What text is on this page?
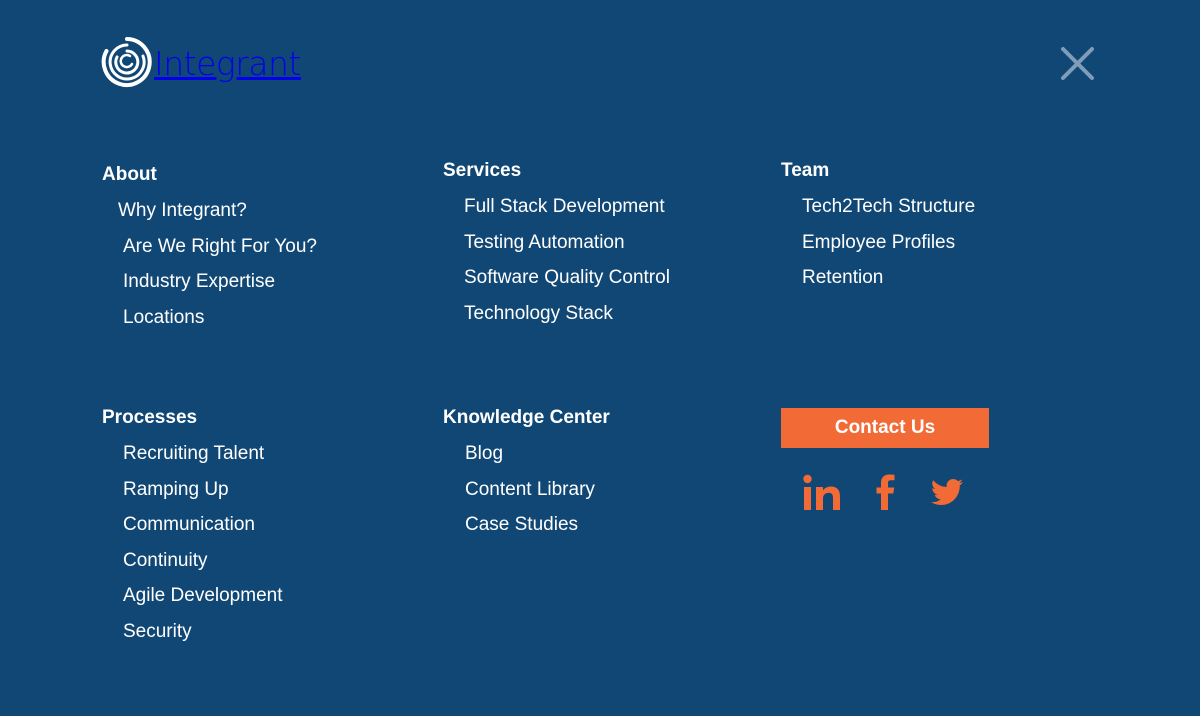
Integrant
About
Why Integrant?
Are We Right For You?
Industry Expertise
Locations
Services
Full Stack Development
Testing Automation
Software Quality Control
Technology Stack
Team
Tech2Tech Structure
Employee Profiles
Retention
Processes
Recruiting Talent
Ramping Up
Communication
Continuity
Agile Development
Security
Knowledge Center
Blog
Content Library
Case Studies
Contact Us
